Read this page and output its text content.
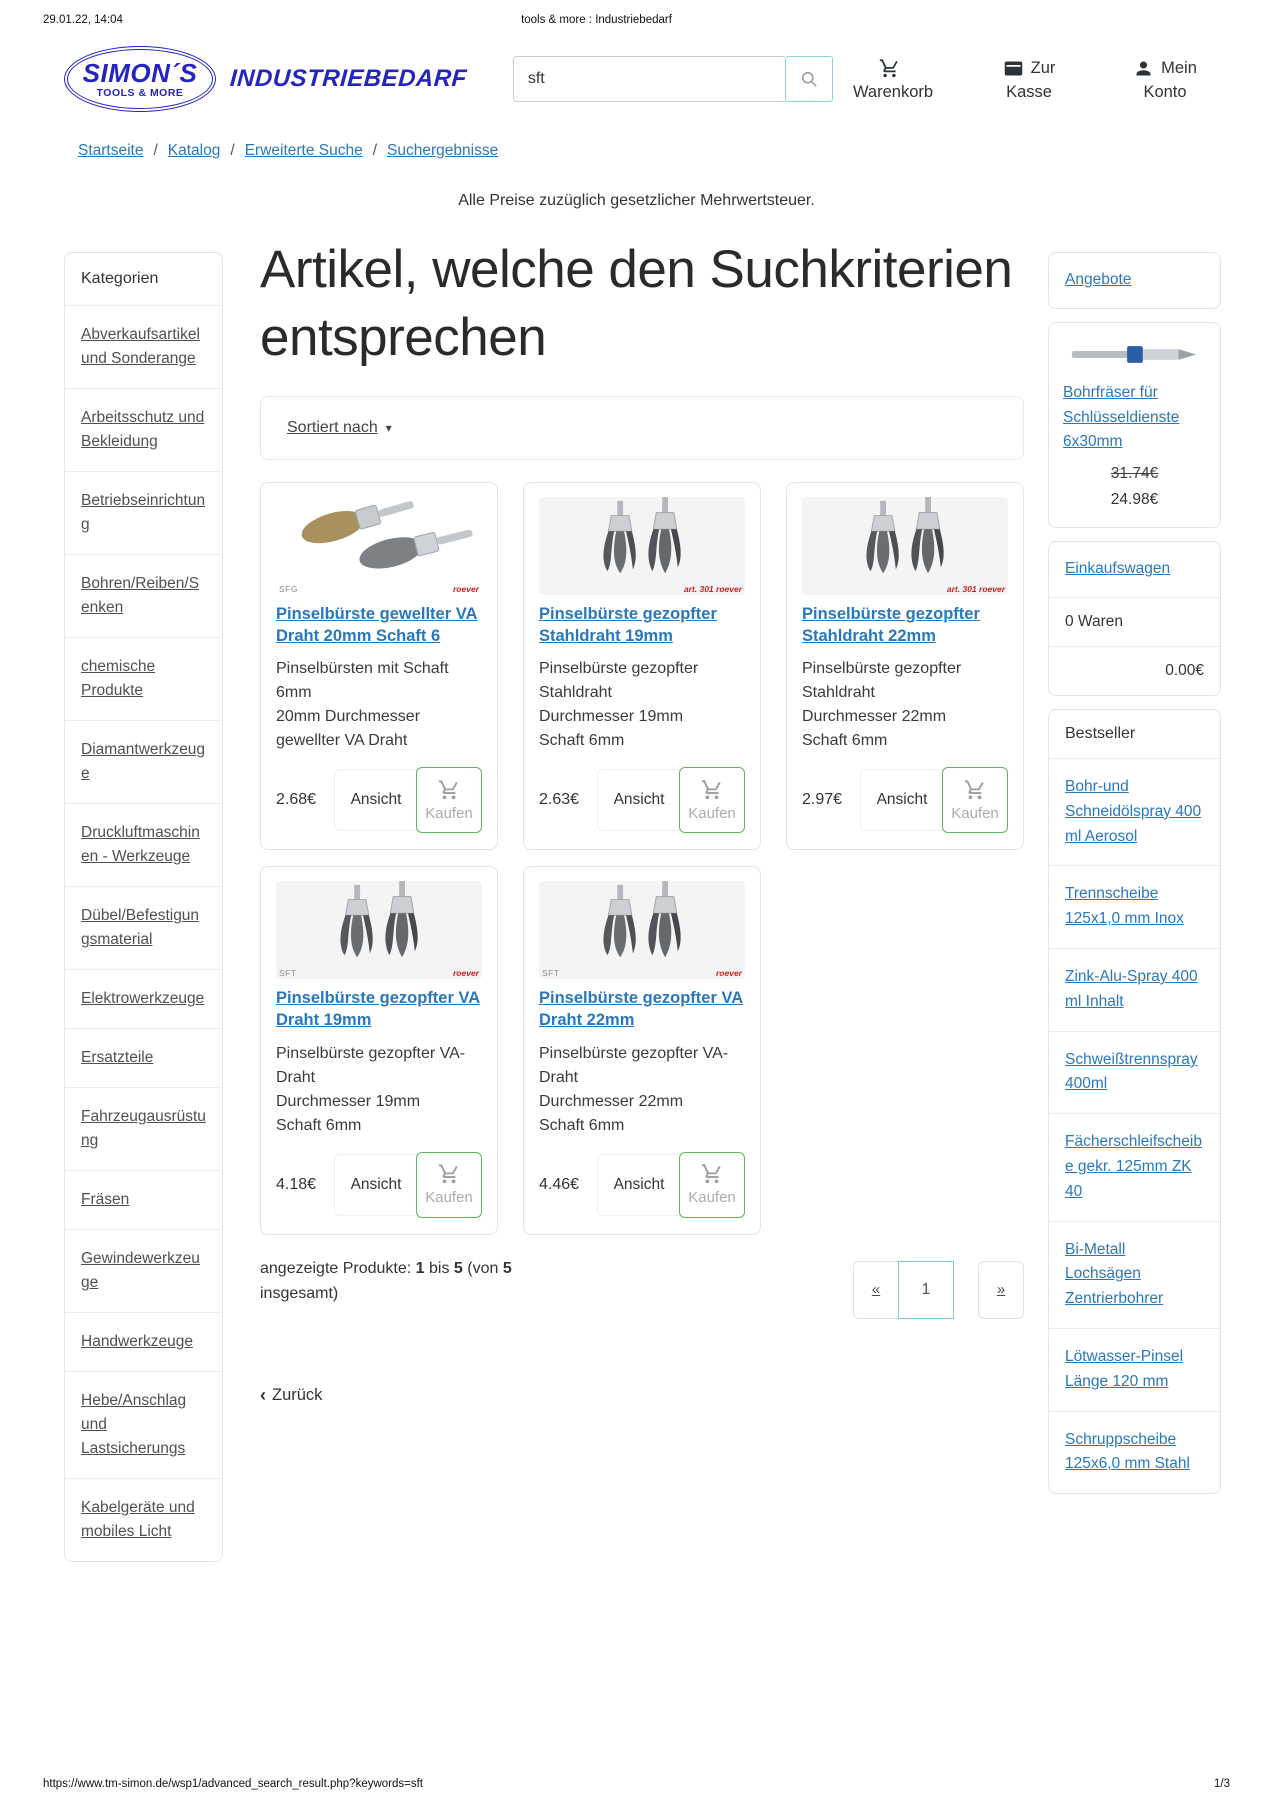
29.01.22, 14:04	tools & more : Industriebedarf
SIMON´S
TOOLS & MORE
INDUSTRIEBEDARF
sft	Warenkorb
Zur
Kasse
Mein
Konto
Startseite /	Katalog /	Erweiterte Suche /	Suchergebnisse
Alle Preise zuzüglich gesetzlicher Mehrwertsteuer.
Kategorien
Abverkaufsartikel und Sonderange
Arbeitsschutz und Bekleidung
Betriebseinrichtung
Bohren/Reiben/Senken
chemische Produkte
Diamantwerkzeuge
Druckluftmaschinen - Werkzeuge
Dübel/Befestigungsmaterial
Elektrowerkzeuge
Ersatzteile
Fahrzeugausrüstung
Fräsen
Gewindewerkzeuge
Handwerkzeuge
Hebe/Anschlag und Lastsicherungs
Kabelgeräte und mobiles Licht
Artikel, welche den Suchkriterien entsprechen
Sortiert nach ▾
SFG	roever
Pinselbürste gewellter VA Draht 20mm Schaft 6
Pinselbürsten mit Schaft 6mm
20mm Durchmesser gewellter VA Draht
2.68€	Ansicht
Kaufen
art. 301 roever
Pinselbürste gezopfter Stahldraht 19mm
Pinselbürste gezopfter Stahldraht
Durchmesser 19mm
Schaft 6mm
2.63€	Ansicht
Kaufen
art. 301 roever
Pinselbürste gezopfter Stahldraht 22mm
Pinselbürste gezopfter Stahldraht
Durchmesser 22mm
Schaft 6mm
2.97€	Ansicht
Kaufen
SFT	roever
Pinselbürste gezopfter VA Draht 19mm
Pinselbürste gezopfter VA-Draht
Durchmesser 19mm
Schaft 6mm
4.18€	Ansicht
Kaufen
SFT	roever
Pinselbürste gezopfter VA Draht 22mm
Pinselbürste gezopfter VA-Draht
Durchmesser 22mm
Schaft 6mm
4.46€	Ansicht
Kaufen
angezeigte Produkte: 1 bis 5 (von 5 insgesamt)	«	1	»
‹ Zurück
Angebote
Bohrfräser für Schlüsseldienste 6x30mm
31.74€
24.98€
Einkaufswagen
0 Waren
0.00€
Bestseller
Bohr-und Schneidölspray 400 ml Aerosol
Trennscheibe 125x1,0 mm Inox
Zink-Alu-Spray 400 ml Inhalt
Schweißtrennspray 400ml
Fächerschleifscheibe gekr. 125mm ZK 40
Bi-Metall Lochsägen Zentrierbohrer
Lötwasser-Pinsel Länge 120 mm
Schruppscheibe 125x6,0 mm Stahl
https://www.tm-simon.de/wsp1/advanced_search_result.php?keywords=sft	1/3
